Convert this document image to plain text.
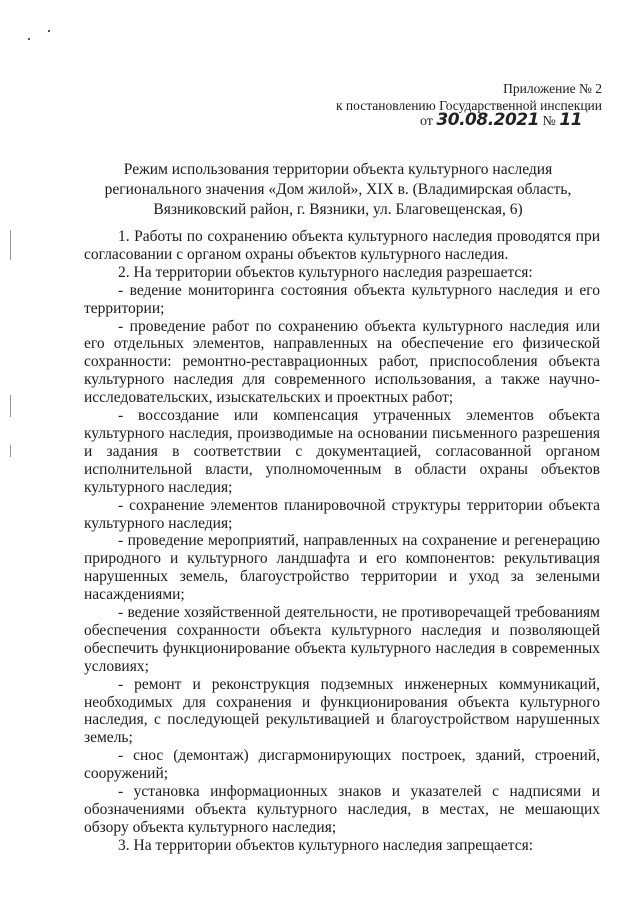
Приложение № 2
к постановлению Государственной инспекции
от 30.08.2021 № 11
Режим использования территории объекта культурного наследия
регионального значения «Дом жилой», XIX в. (Владимирская область,
Вязниковский район, г. Вязники, ул. Благовещенская, 6)

1. Работы по сохранению объекта культурного наследия проводятся при согласовании с органом охраны объектов культурного наследия.

2. На территории объектов культурного наследия разрешается:

- ведение мониторинга состояния объекта культурного наследия и его территории;

- проведение работ по сохранению объекта культурного наследия или его отдельных элементов, направленных на обеспечение его физической сохранности: ремонтно-реставрационных работ, приспособления объекта культурного наследия для современного использования, а также научно-исследовательских, изыскательских и проектных работ;

- воссоздание или компенсация утраченных элементов объекта культурного наследия, производимые на основании письменного разрешения и задания в соответствии с документацией, согласованной органом исполнительной власти, уполномоченным в области охраны объектов культурного наследия;

- сохранение элементов планировочной структуры территории объекта культурного наследия;

- проведение мероприятий, направленных на сохранение и регенерацию природного и культурного ландшафта и его компонентов: рекультивация нарушенных земель, благоустройство территории и уход за зелеными насаждениями;

- ведение хозяйственной деятельности, не противоречащей требованиям обеспечения сохранности объекта культурного наследия и позволяющей обеспечить функционирование объекта культурного наследия в современных условиях;

- ремонт и реконструкция подземных инженерных коммуникаций, необходимых для сохранения и функционирования объекта культурного наследия, с последующей рекультивацией и благоустройством нарушенных земель;

- снос (демонтаж) дисгармонирующих построек, зданий, строений, сооружений;

- установка информационных знаков и указателей с надписями и обозначениями объекта культурного наследия, в местах, не мешающих обзору объекта культурного наследия;

3. На территории объектов культурного наследия запрещается:
